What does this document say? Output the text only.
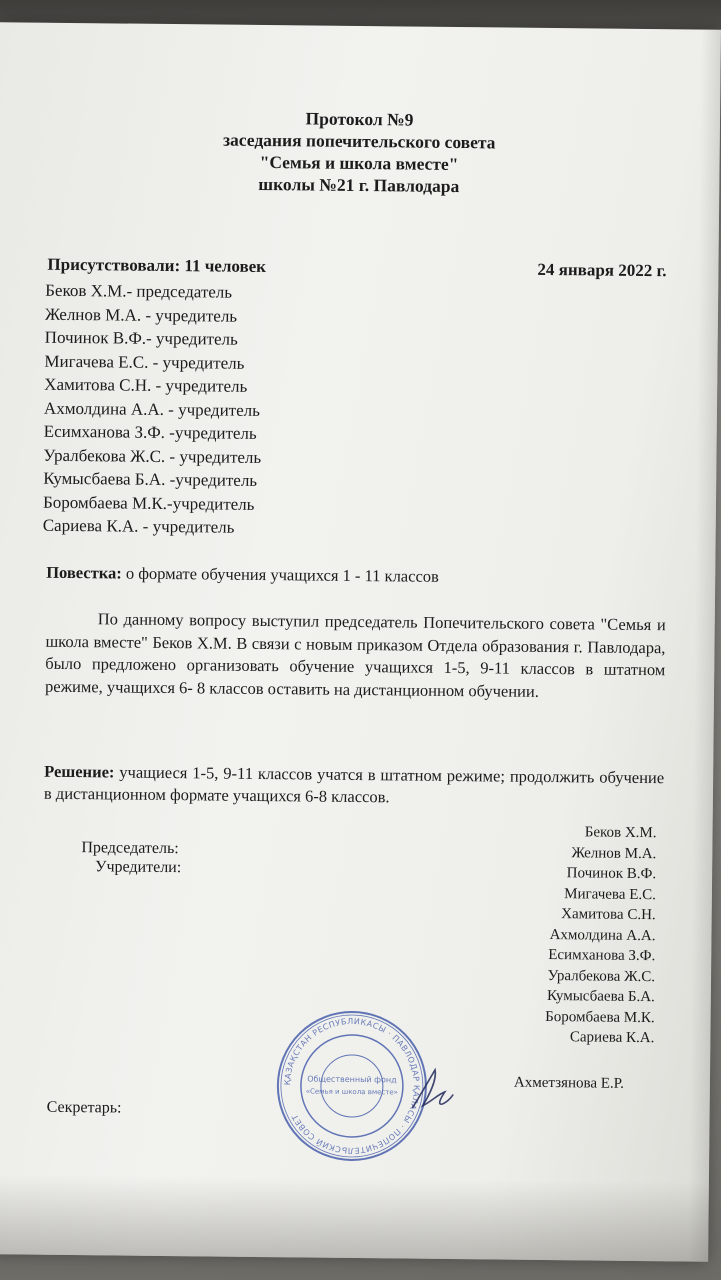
Протокол №9
заседания попечительского совета
"Семья и школа вместе"
школы №21 г. Павлодара
Присутствовали: 11 человек	24 января 2022 г.
Беков Х.М.- председатель
Желнов М.А. - учредитель
Починок В.Ф.- учредитель
Мигачева Е.С. - учредитель
Хамитова С.Н. - учредитель
Ахмолдина А.А. - учредитель
Есимханова З.Ф. -учредитель
Уралбекова Ж.С. - учредитель
Кумысбаева Б.А. -учредитель
Боромбаева М.К.-учредитель
Сариева К.А. - учредитель
Повестка: о формате обучения учащихся 1 - 11 классов
По данному вопросу выступил председатель Попечительского совета "Семья и школа вместе" Беков Х.М. В связи с новым приказом Отдела образования г. Павлодара, было предложено организовать обучение учащихся 1-5, 9-11 классов в штатном режиме, учащихся 6- 8 классов оставить на дистанционном обучении.
Решение: учащиеся 1-5, 9-11 классов учатся в штатном режиме; продолжить обучение в дистанционном формате учащихся 6-8 классов.
Председатель:
Учредители:
Секретарь:
Беков Х.М.
Желнов М.А.
Починок В.Ф.
Мигачева Е.С.
Хамитова С.Н.
Ахмолдина А.А.
Есимханова З.Ф.
Уралбекова Ж.С.
Кумысбаева Б.А.
Боромбаева М.К.
Сариева К.А.
Ахметзянова Е.Р.
ҚАЗАҚСТАН РЕСПУБЛИКАСЫ · ПАВЛОДАР ҚАЛАСЫ · ПОПЕЧИТЕЛЬСКИЙ СОВЕТ
Общественный фонд
«Семья и школа вместе»
